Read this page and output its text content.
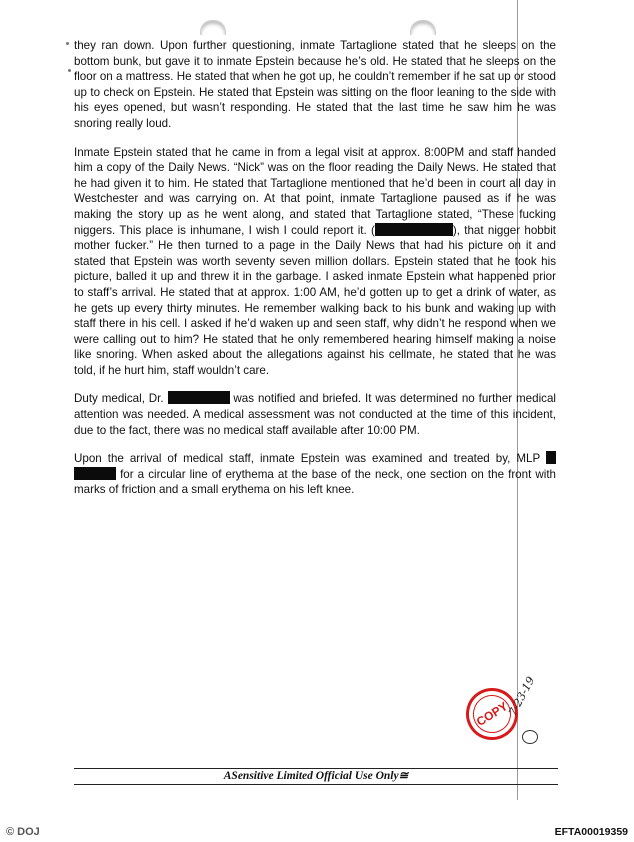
they ran down. Upon further questioning, inmate Tartaglione stated that he sleeps on the bottom bunk, but gave it to inmate Epstein because he’s old. He stated that he sleeps on the floor on a mattress. He stated that when he got up, he couldn’t remember if he sat up or stood up to check on Epstein. He stated that Epstein was sitting on the floor leaning to the side with his eyes opened, but wasn’t responding. He stated that the last time he saw him he was snoring really loud.

Inmate Epstein stated that he came in from a legal visit at approx. 8:00PM and staff handed him a copy of the Daily News. “Nick” was on the floor reading the Daily News. He stated that he had given it to him. He stated that Tartaglione mentioned that he’d been in court all day in Westchester and was carrying on. At that point, inmate Tartaglione paused as if he was making the story up as he went along, and stated that Tartaglione stated, “These fucking niggers. This place is inhumane, I wish I could report it. (	), that nigger hobbit mother fucker.” He then turned to a page in the Daily News that had his picture on it and stated that Epstein was worth seventy seven million dollars. Epstein stated that he took his picture, balled it up and threw it in the garbage. I asked inmate Epstein what happened prior to staff’s arrival. He stated that at approx. 1:00 AM, he’d gotten up to get a drink of water, as he gets up every thirty minutes. He remember walking back to his bunk and waking up with staff there in his cell. I asked if he’d waken up and seen staff, why didn’t he respond when we were calling out to him? He stated that he only remembered hearing himself making a noise like snoring. When asked about the allegations against his cellmate, he stated that he was told, if he hurt him, staff wouldn’t care.

Duty medical, Dr.	was notified and briefed. It was determined no further medical attention was needed. A medical assessment was not conducted at the time of this incident, due to the fact, there was no medical staff available after 10:00 PM.

Upon the arrival of medical staff, inmate Epstein was examined and treated by, MLP   for a circular line of erythema at the base of the neck, one section on the front with marks of friction and a small erythema on his left knee.

COPY
7-23-19
ASensitive Limited Official Use Only≅
© DOJ	EFTA00019359
